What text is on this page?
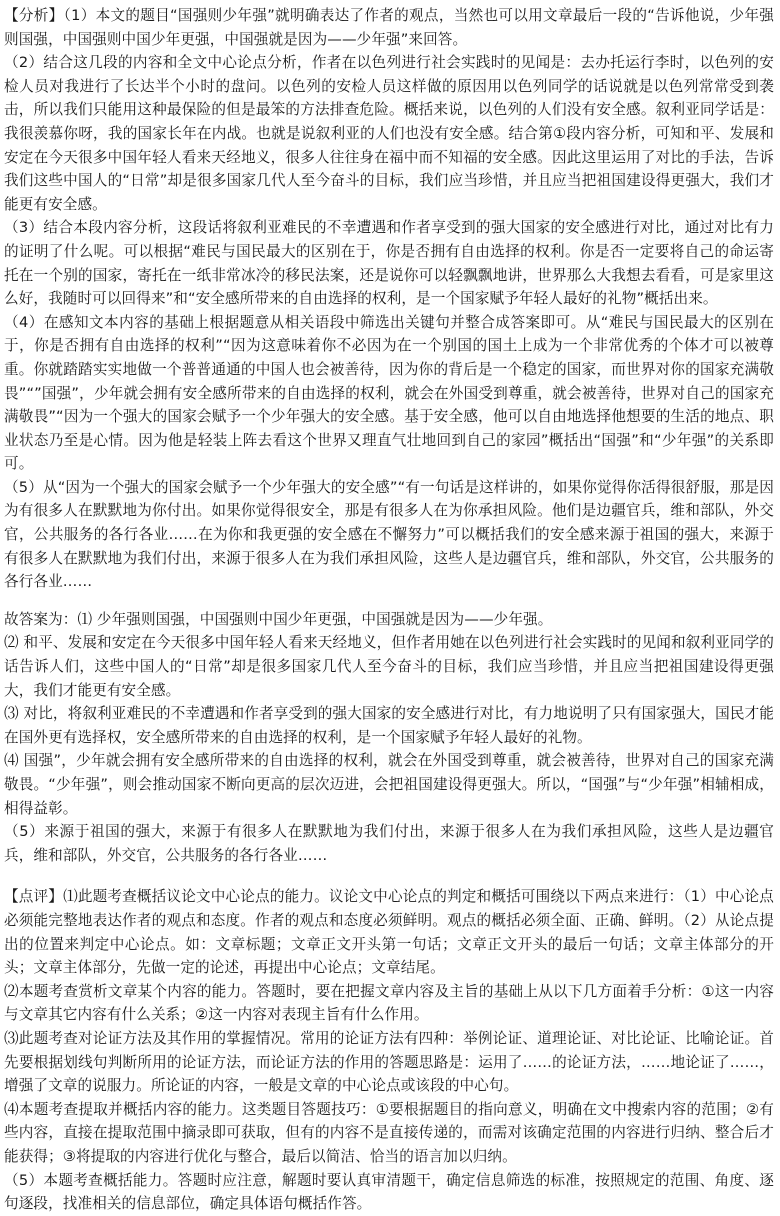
【分析】（1）本文的题目“国强则少年强”就明确表达了作者的观点，当然也可以用文章最后一段的“告诉他说，少年强则国强，中国强则中国少年更强，中国强就是因为——少年强”来回答。

（2）结合这几段的内容和全文中心论点分析，作者在以色列进行社会实践时的见闻是：去办托运行李时，以色列的安检人员对我进行了长达半个小时的盘问。以色列的安检人员这样做的原因用以色列同学的话说就是以色列常常受到袭击，所以我们只能用这种最保险的但是最笨的方法排查危险。概括来说，以色列的人们没有安全感。叙利亚同学话是：我很羡慕你呀，我的国家长年在内战。也就是说叙利亚的人们也没有安全感。结合第①段内容分析，可知和平、发展和安定在今天很多中国年轻人看来天经地义，很多人往往身在福中而不知福的安全感。因此这里运用了对比的手法，告诉我们这些中国人的“日常”却是很多国家几代人至今奋斗的目标，我们应当珍惜，并且应当把祖国建设得更强大，我们才能更有安全感。

（3）结合本段内容分析，这段话将叙利亚难民的不幸遭遇和作者享受到的强大国家的安全感进行对比，通过对比有力的证明了什么呢。可以根据“难民与国民最大的区别在于，你是否拥有自由选择的权利。你是否一定要将自己的命运寄托在一个别的国家，寄托在一纸非常冰冷的移民法案，还是说你可以轻飘飘地讲，世界那么大我想去看看，可是家里这么好，我随时可以回得来”和“安全感所带来的自由选择的权利，是一个国家赋予年轻人最好的礼物”概括出来。

（4）在感知文本内容的基础上根据题意从相关语段中筛选出关键句并整合成答案即可。从“难民与国民最大的区别在于，你是否拥有自由选择的权利”“因为这意味着你不必因为在一个别国的国土上成为一个非常优秀的个体才可以被尊重。你就踏踏实实地做一个普普通通的中国人也会被善待，因为你的背后是一个稳定的国家，而世界对你的国家充满敬畏”“”国强”，少年就会拥有安全感所带来的自由选择的权利，就会在外国受到尊重，就会被善待，世界对自己的国家充满敬畏”“因为一个强大的国家会赋予一个少年强大的安全感。基于安全感，他可以自由地选择他想要的生活的地点、职业状态乃至是心情。因为他是轻装上阵去看这个世界又理直气壮地回到自己的家园”概括出“国强”和“少年强”的关系即可。

（5）从“因为一个强大的国家会赋予一个少年强大的安全感”“有一句话是这样讲的，如果你觉得你活得很舒服，那是因为有很多人在默默地为你付出。如果你觉得很安全，那是有很多人在为你承担风险。他们是边疆官兵，维和部队，外交官，公共服务的各行各业……在为你和我更强的安全感在不懈努力”可以概括我们的安全感来源于祖国的强大，来源于有很多人在默默地为我们付出，来源于很多人在为我们承担风险，这些人是边疆官兵，维和部队，外交官，公共服务的各行各业……

故答案为：⑴ 少年强则国强，中国强则中国少年更强，中国强就是因为——少年强。

⑵ 和平、发展和安定在今天很多中国年轻人看来天经地义，但作者用她在以色列进行社会实践时的见闻和叙利亚同学的话告诉人们，这些中国人的“日常”却是很多国家几代人至今奋斗的目标，我们应当珍惜，并且应当把祖国建设得更强大，我们才能更有安全感。

⑶ 对比，将叙利亚难民的不幸遭遇和作者享受到的强大国家的安全感进行对比，有力地说明了只有国家强大，国民才能在国外更有选择权，安全感所带来的自由选择的权利，是一个国家赋予年轻人最好的礼物。

⑷ 国强”，少年就会拥有安全感所带来的自由选择的权利，就会在外国受到尊重，就会被善待，世界对自己的国家充满敬畏。“少年强”，则会推动国家不断向更高的层次迈进，会把祖国建设得更强大。所以，“国强”与“少年强”相辅相成，相得益彰。

（5）来源于祖国的强大，来源于有很多人在默默地为我们付出，来源于很多人在为我们承担风险，这些人是边疆官兵，维和部队，外交官，公共服务的各行各业……

【点评】⑴此题考查概括议论文中心论点的能力。议论文中心论点的判定和概括可围绕以下两点来进行：（1）中心论点必须能完整地表达作者的观点和态度。作者的观点和态度必须鲜明。观点的概括必须全面、正确、鲜明。（2）从论点提出的位置来判定中心论点。如：文章标题；文章正文开头第一句话；文章正文开头的最后一句话；文章主体部分的开头；文章主体部分，先做一定的论述，再提出中心论点；文章结尾。

⑵本题考查赏析文章某个内容的能力。答题时，要在把握文章内容及主旨的基础上从以下几方面着手分析：①这一内容与文章其它内容有什么关系；②这一内容对表现主旨有什么作用。

⑶此题考查对论证方法及其作用的掌握情况。常用的论证方法有四种：举例论证、道理论证、对比论证、比喻论证。首先要根据划线句判断所用的论证方法，而论证方法的作用的答题思路是：运用了……的论证方法，……地论证了……，增强了文章的说服力。所论证的内容，一般是文章的中心论点或该段的中心句。

⑷本题考查提取并概括内容的能力。这类题目答题技巧：①要根据题目的指向意义，明确在文中搜索内容的范围；②有些内容，直接在提取范围中摘录即可获取，但有的内容不是直接传递的，而需对该确定范围的内容进行归纳、整合后才能获得；③将提取的内容进行优化与整合，最后以简洁、恰当的语言加以归纳。

（5）本题考查概括能力。答题时应注意，解题时要认真审清题干，确定信息筛选的标准，按照规定的范围、角度、逐句逐段，找准相关的信息部位，确定具体语句概括作答。
